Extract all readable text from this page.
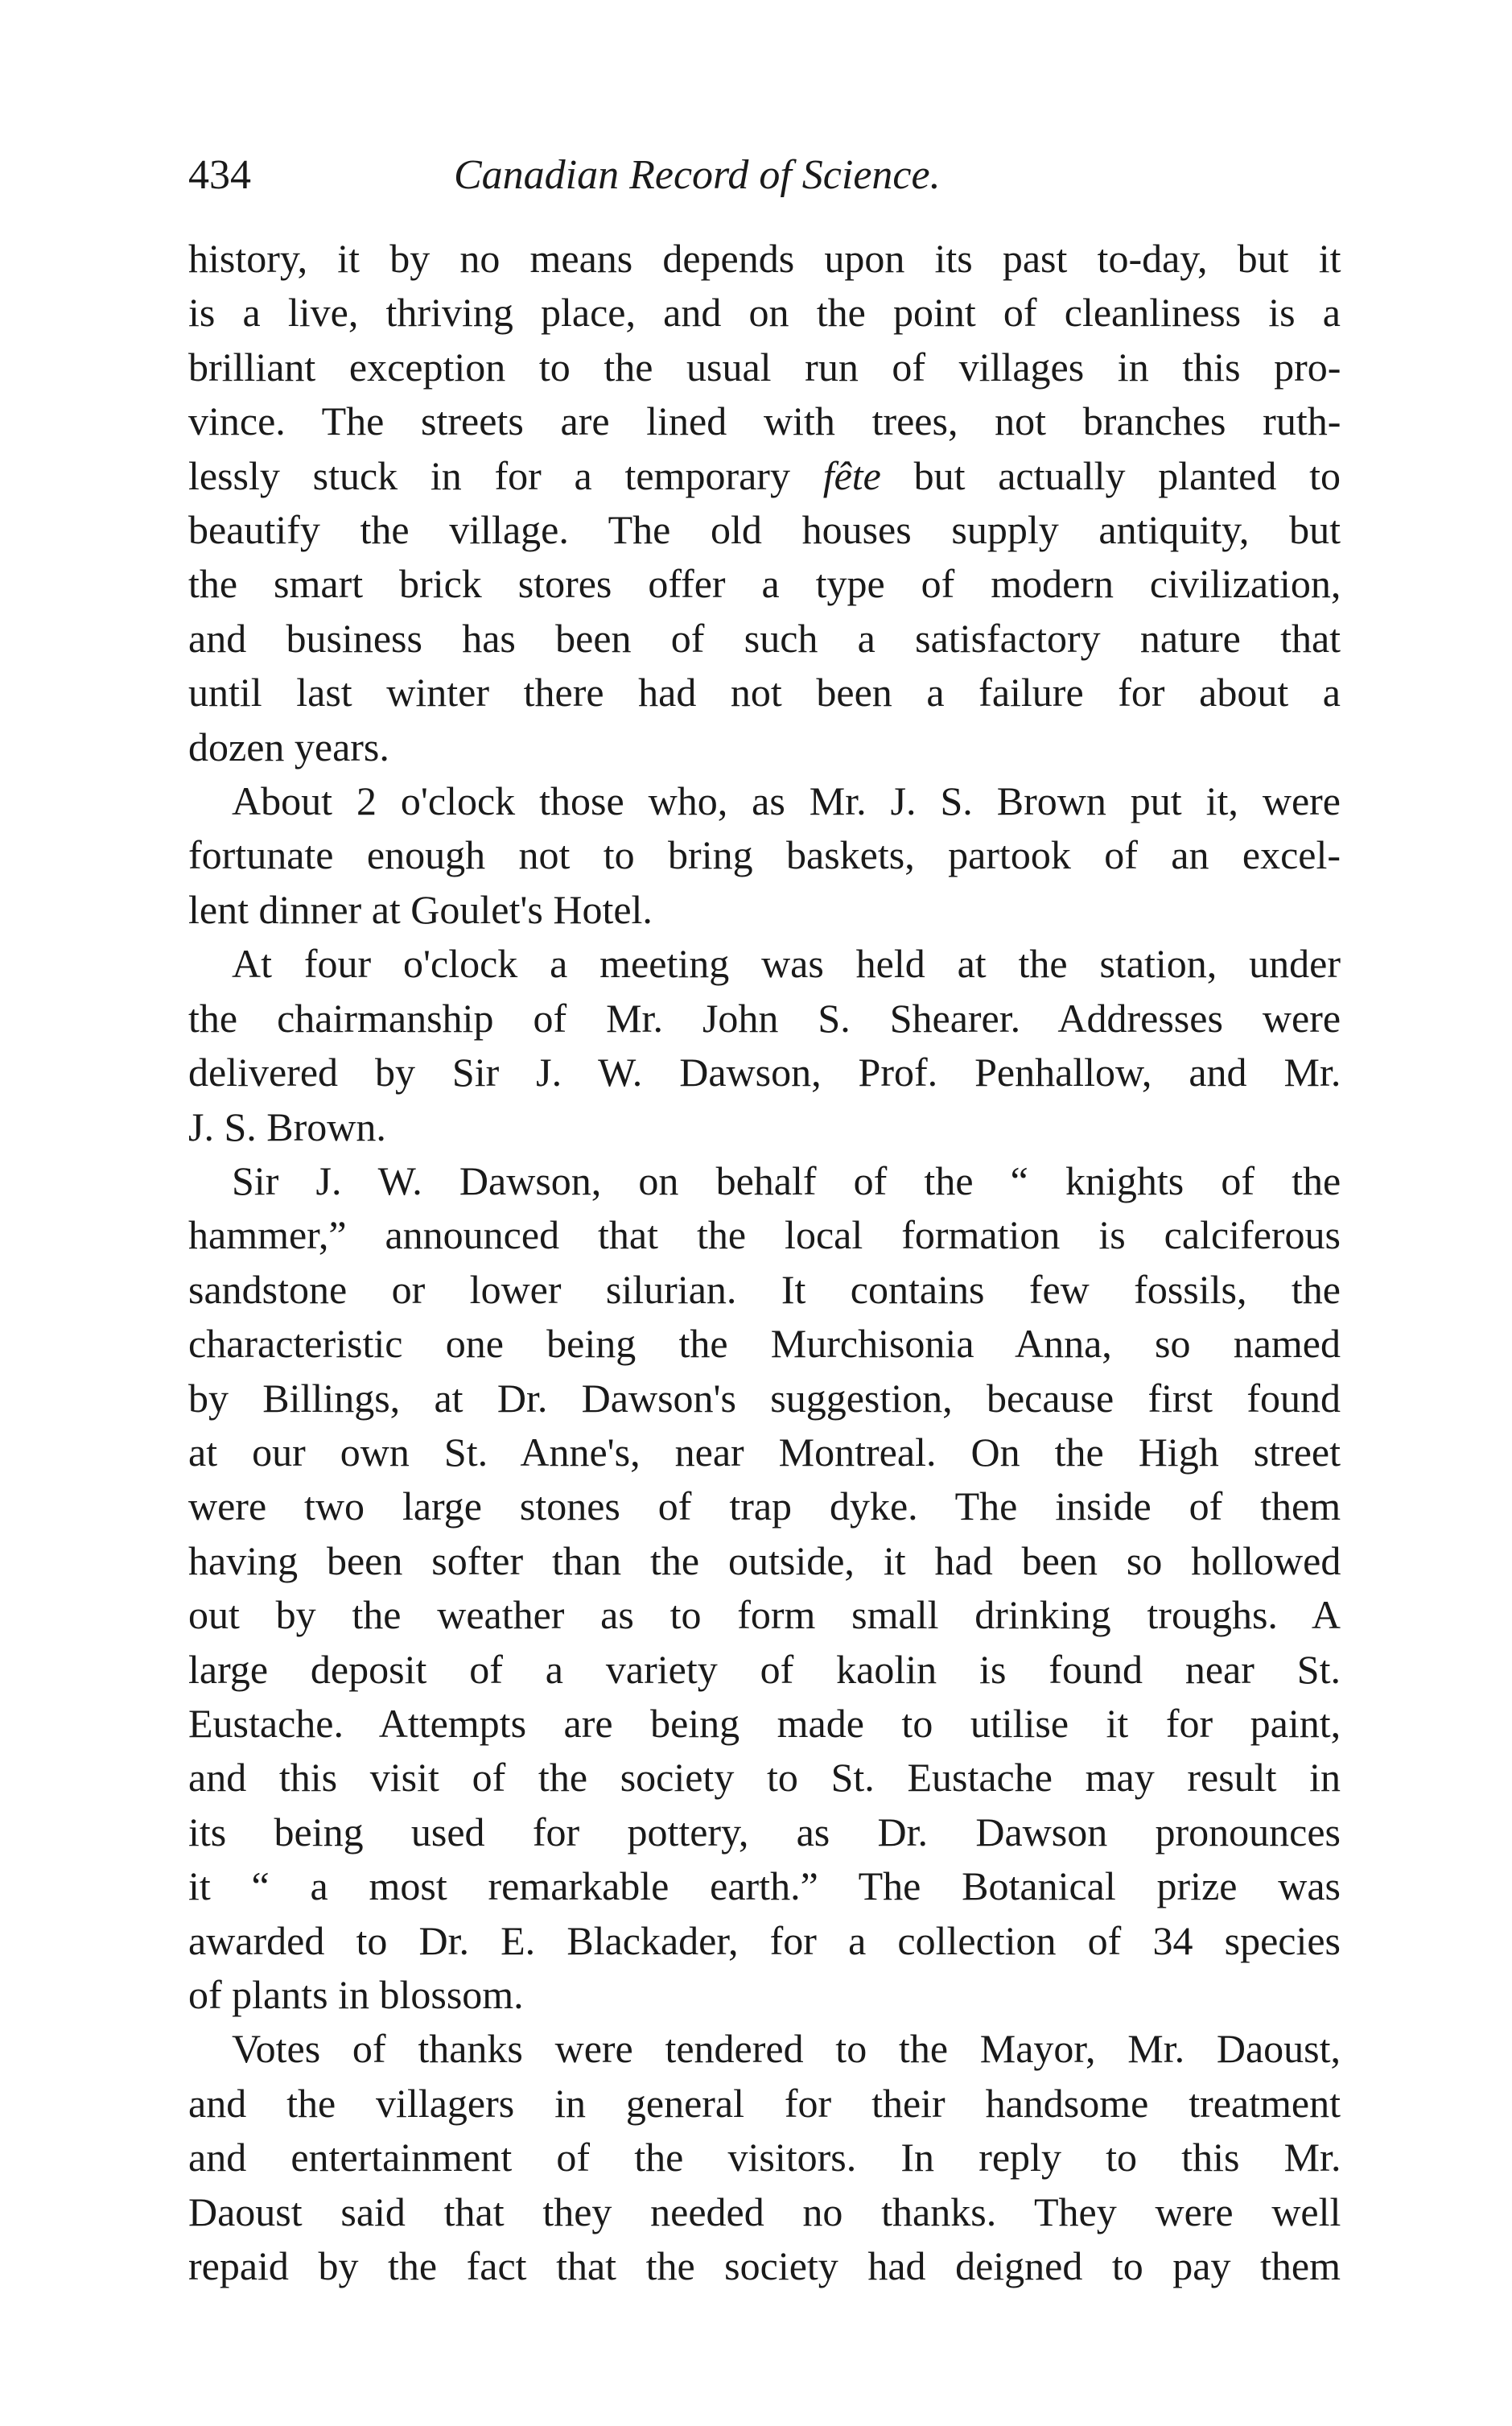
434	Canadian Record of Science.
history, it by no means depends upon its past to-day, but it
is a live, thriving place, and on the point of cleanliness is a
brilliant exception to the usual run of villages in this pro-
vince. The streets are lined with trees, not branches ruth-
lessly stuck in for a temporary fête but actually planted to
beautify the village. The old houses supply antiquity, but
the smart brick stores offer a type of modern civilization,
and business has been of such a satisfactory nature that
until last winter there had not been a failure for about a
dozen years.
About 2 o'clock those who, as Mr. J. S. Brown put it, were
fortunate enough not to bring baskets, partook of an excel-
lent dinner at Goulet's Hotel.
At four o'clock a meeting was held at the station, under
the chairmanship of Mr. John S. Shearer. Addresses were
delivered by Sir J. W. Dawson, Prof. Penhallow, and Mr.
J. S. Brown.
Sir J. W. Dawson, on behalf of the “ knights of the
hammer,” announced that the local formation is calciferous
sandstone or lower silurian. It contains few fossils, the
characteristic one being the Murchisonia Anna, so named
by Billings, at Dr. Dawson's suggestion, because first found
at our own St. Anne's, near Montreal. On the High street
were two large stones of trap dyke. The inside of them
having been softer than the outside, it had been so hollowed
out by the weather as to form small drinking troughs. A
large deposit of a variety of kaolin is found near St.
Eustache. Attempts are being made to utilise it for paint,
and this visit of the society to St. Eustache may result in
its being used for pottery, as Dr. Dawson pronounces
it “ a most remarkable earth.” The Botanical prize was
awarded to Dr. E. Blackader, for a collection of 34 species
of plants in blossom.
Votes of thanks were tendered to the Mayor, Mr. Daoust,
and the villagers in general for their handsome treatment
and entertainment of the visitors. In reply to this Mr.
Daoust said that they needed no thanks. They were well
repaid by the fact that the society had deigned to pay them
